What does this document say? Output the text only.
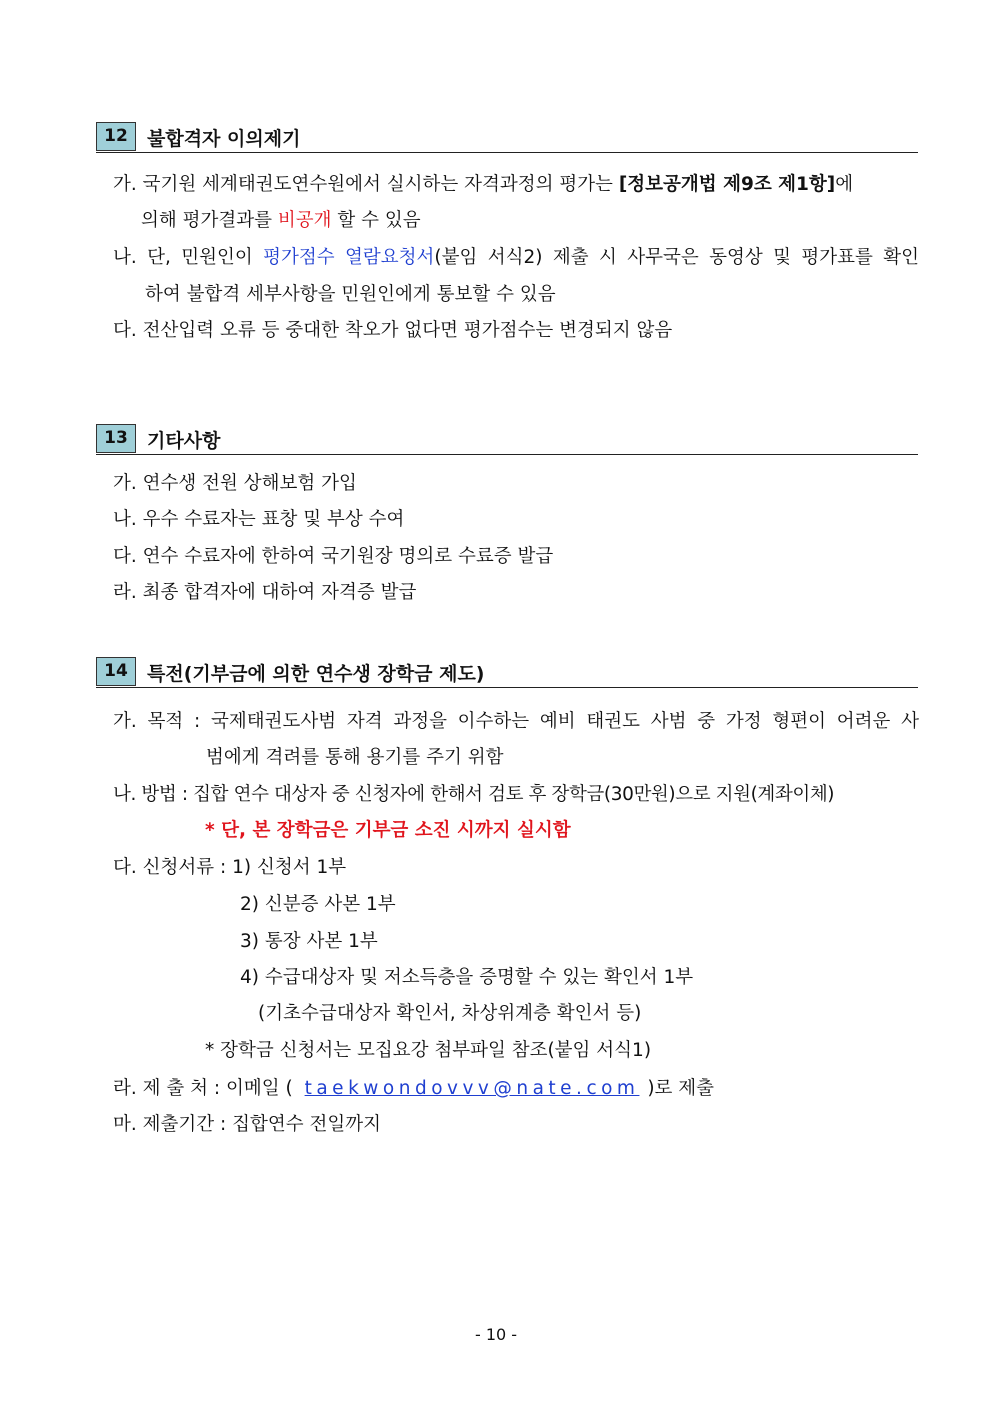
12	불합격자 이의제기
가. 국기원 세계태권도연수원에서 실시하는 자격과정의 평가는 [정보공개법 제9조 제1항]에
의해 평가결과를 비공개 할 수 있음
나. 단, 민원인이 평가점수 열람요청서(붙임 서식2) 제출 시 사무국은 동영상 및 평가표를 확인
하여 불합격 세부사항을 민원인에게 통보할 수 있음
다. 전산입력 오류 등 중대한 착오가 없다면 평가점수는 변경되지 않음
13	기타사항
가. 연수생 전원 상해보험 가입
나. 우수 수료자는 표창 및 부상 수여
다. 연수 수료자에 한하여 국기원장 명의로 수료증 발급
라. 최종 합격자에 대하여 자격증 발급
14	특전(기부금에 의한 연수생 장학금 제도)
가. 목적 : 국제태권도사범 자격 과정을 이수하는 예비 태권도 사범 중 가정 형편이 어려운 사
범에게 격려를 통해 용기를 주기 위함
나. 방법 : 집합 연수 대상자 중 신청자에 한해서 검토 후 장학금(30만원)으로 지원(계좌이체)
* 단, 본 장학금은 기부금 소진 시까지 실시함
다. 신청서류 : 1) 신청서 1부
2) 신분증 사본 1부
3) 통장 사본 1부
4) 수급대상자 및 저소득층을 증명할 수 있는 확인서 1부
(기초수급대상자 확인서, 차상위계층 확인서 등)
* 장학금 신청서는 모집요강 첨부파일 참조(붙임 서식1)
라. 제 출 처 : 이메일 ( taekwondovvv@nate.com )로 제출
마. 제출기간 : 집합연수 전일까지
- 10 -
